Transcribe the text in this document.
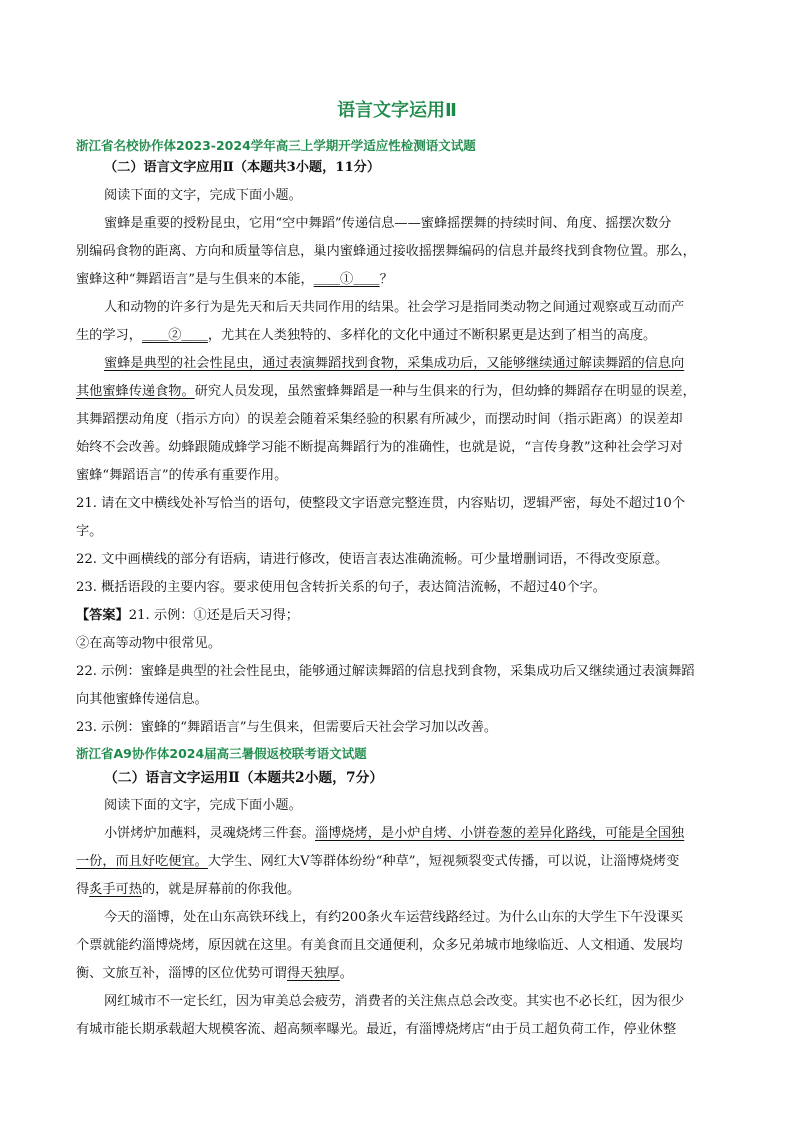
语言文字运用Ⅱ
浙江省名校协作体2023-2024学年高三上学期开学适应性检测语文试题
（二）语言文字应用Ⅱ（本题共3小题，11分）
阅读下面的文字，完成下面小题。
蜜蜂是重要的授粉昆虫，它用“空中舞蹈”传递信息——蜜蜂摇摆舞的持续时间、角度、摇摆次数分
别编码食物的距离、方向和质量等信息，巢内蜜蜂通过接收摇摆舞编码的信息并最终找到食物位置。那么，
蜜蜂这种“舞蹈语言”是与生俱来的本能，＿＿①＿＿？
人和动物的许多行为是先天和后天共同作用的结果。社会学习是指同类动物之间通过观察或互动而产
生的学习，＿＿②＿＿，尤其在人类独特的、多样化的文化中通过不断积累更是达到了相当的高度。
蜜蜂是典型的社会性昆虫，通过表演舞蹈找到食物，采集成功后，又能够继续通过解读舞蹈的信息向
其他蜜蜂传递食物。研究人员发现，虽然蜜蜂舞蹈是一种与生俱来的行为，但幼蜂的舞蹈存在明显的误差，
其舞蹈摆动角度（指示方向）的误差会随着采集经验的积累有所减少，而摆动时间（指示距离）的误差却
始终不会改善。幼蜂跟随成蜂学习能不断提高舞蹈行为的准确性，也就是说，“言传身教”这种社会学习对
蜜蜂“舞蹈语言”的传承有重要作用。
21. 请在文中横线处补写恰当的语句，使整段文字语意完整连贯，内容贴切，逻辑严密，每处不超过10个
字。
22. 文中画横线的部分有语病，请进行修改，使语言表达准确流畅。可少量增删词语，不得改变原意。
23. 概括语段的主要内容。要求使用包含转折关系的句子，表达简洁流畅，不超过40个字。
【答案】21. 示例：①还是后天习得；
②在高等动物中很常见。
22. 示例：蜜蜂是典型的社会性昆虫，能够通过解读舞蹈的信息找到食物，采集成功后又继续通过表演舞蹈
向其他蜜蜂传递信息。
23. 示例：蜜蜂的“舞蹈语言”与生俱来，但需要后天社会学习加以改善。
浙江省A9协作体2024届高三暑假返校联考语文试题
（二）语言文字运用Ⅱ（本题共2小题，7分）
阅读下面的文字，完成下面小题。
小饼烤炉加蘸料，灵魂烧烤三件套。淄博烧烤，是小炉自烤、小饼卷葱的差异化路线，可能是全国独
一份，而且好吃便宜。大学生、网红大V等群体纷纷“种草”，短视频裂变式传播，可以说，让淄博烧烤变
得炙手可热的，就是屏幕前的你我他。
今天的淄博，处在山东高铁环线上，有约200条火车运营线路经过。为什么山东的大学生下午没课买
个票就能约淄博烧烤，原因就在这里。有美食而且交通便利，众多兄弟城市地缘临近、人文相通、发展均
衡、文旅互补，淄博的区位优势可谓得天独厚。
网红城市不一定长红，因为审美总会疲劳，消费者的关注焦点总会改变。其实也不必长红，因为很少
有城市能长期承载超大规模客流、超高频率曝光。最近，有淄博烧烤店“由于员工超负荷工作，停业休整
